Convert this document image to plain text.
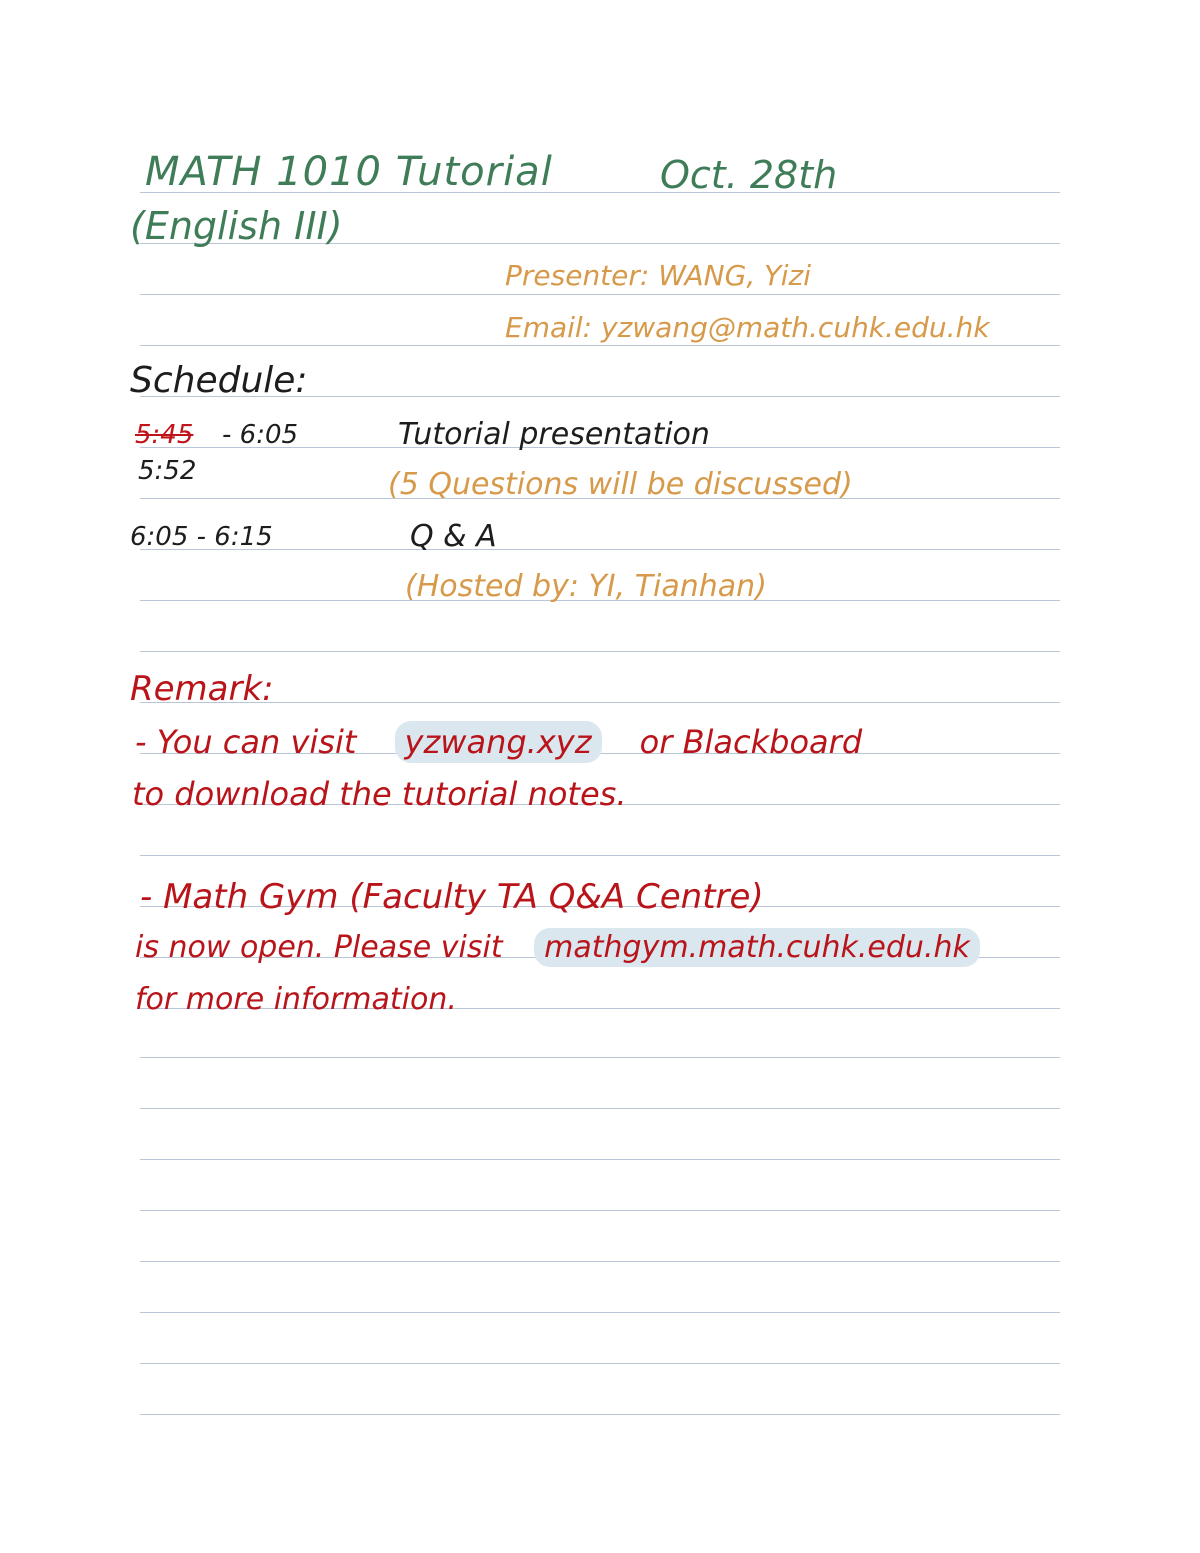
MATH 1010 Tutorial	Oct. 28th
(English III)
Presenter: WANG, Yizi
Email: yzwang@math.cuhk.edu.hk
Schedule:
5:45 - 6:05
5:52
Tutorial presentation
(5 Questions will be discussed)
6:05 - 6:15	Q & A
(Hosted by: YI, Tianhan)
Remark:
- You can visit yzwang.xyz or Blackboard
to download the tutorial notes.
- Math Gym (Faculty TA Q&A Centre)
is now open. Please visit mathgym.math.cuhk.edu.hk
for more information.
